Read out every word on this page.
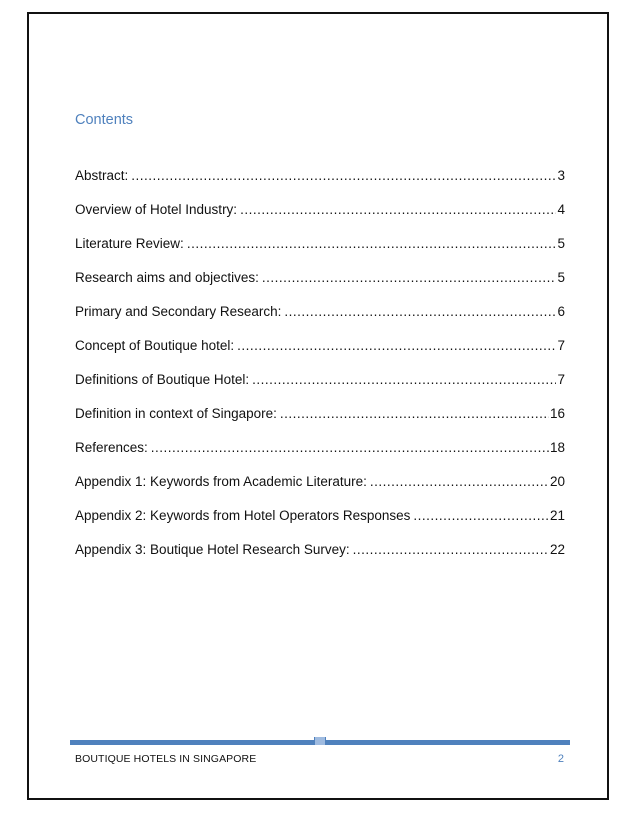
Contents
Abstract: .....	3
Overview of Hotel Industry: .....	4
Literature Review: .....	5
Research aims and objectives: .....	5
Primary and Secondary Research: .....	6
Concept of Boutique hotel: .....	7
Definitions of Boutique Hotel: .....	7
Definition in context of Singapore: .....	16
References: .....	18
Appendix 1: Keywords from Academic Literature: .....	20
Appendix 2: Keywords from Hotel Operators Responses .....	21
Appendix 3: Boutique Hotel Research Survey: .....	22
BOUTIQUE HOTELS IN SINGAPORE	2
